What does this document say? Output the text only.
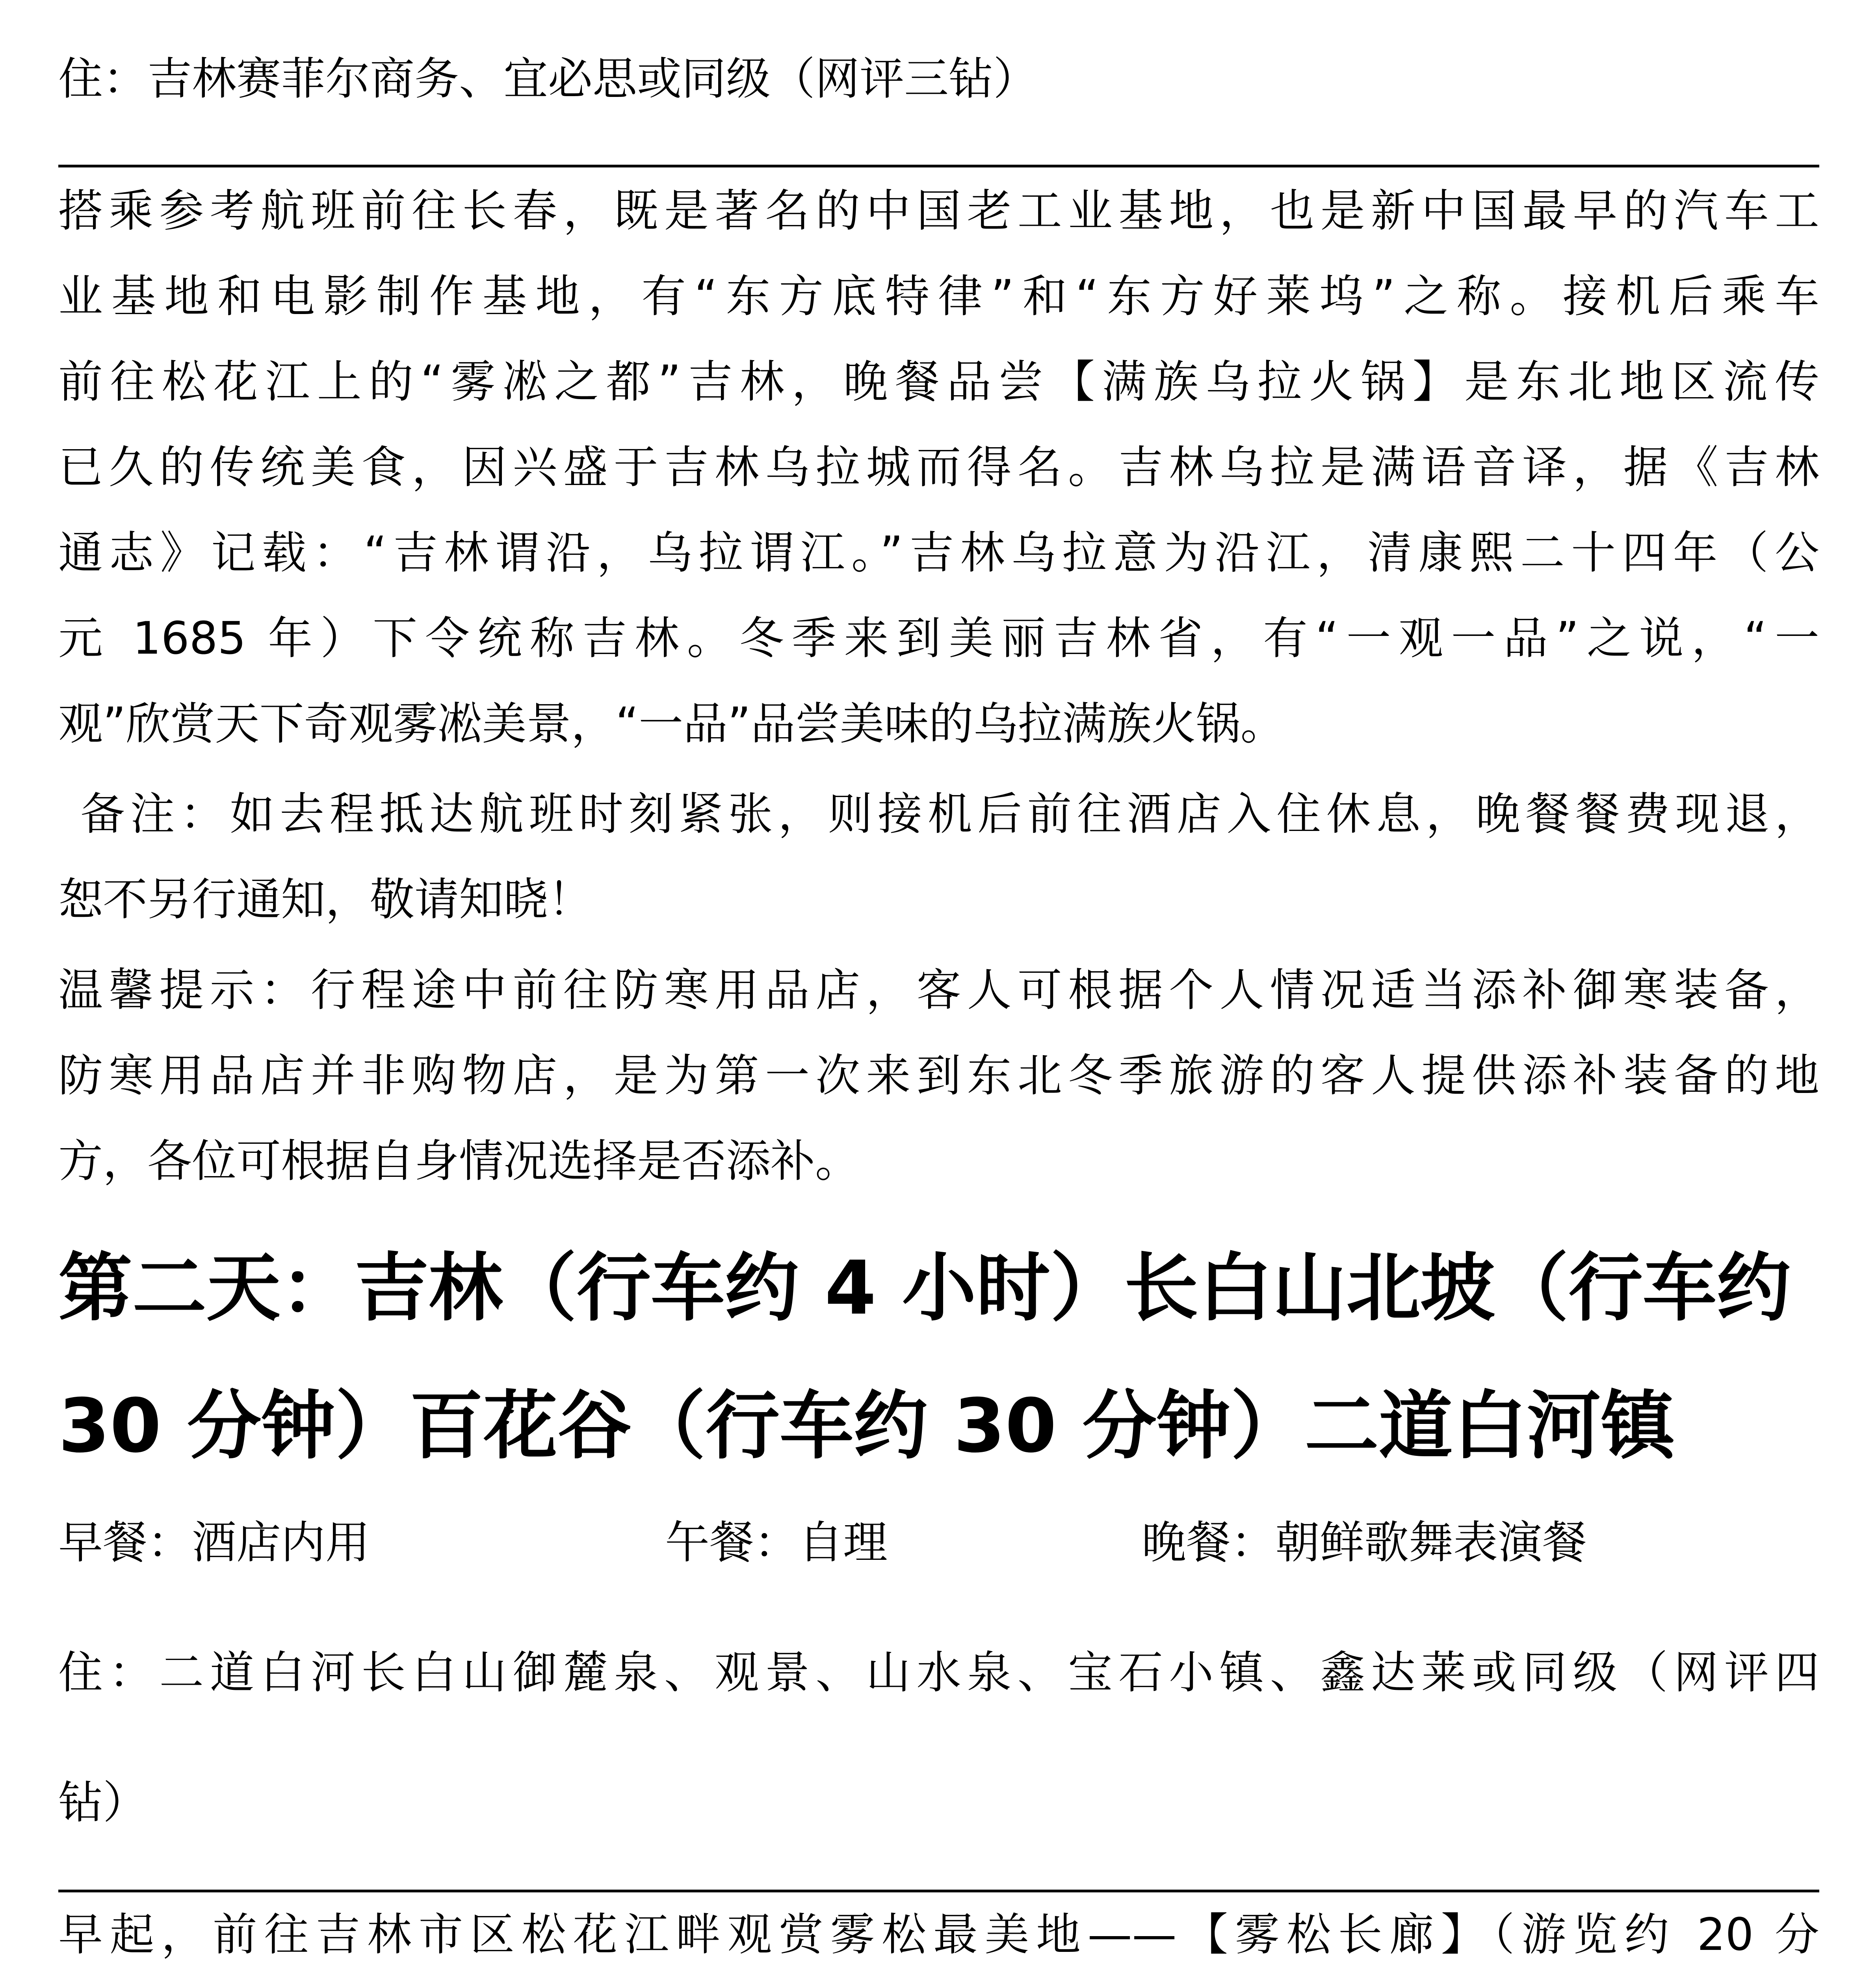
住：吉林赛菲尔商务、宜必思或同级（网评三钻）
搭乘参考航班前往长春，既是著名的中国老工业基地，也是新中国最早的汽车工
业基地和电影制作基地，有“东方底特律”和“东方好莱坞”之称。接机后乘车
前往松花江上的“雾凇之都”吉林，晚餐品尝【满族乌拉火锅】是东北地区流传
已久的传统美食，因兴盛于吉林乌拉城而得名。吉林乌拉是满语音译，据《吉林
通志》记载：“吉林谓沿，乌拉谓江。”吉林乌拉意为沿江，清康熙二十四年（公
元 1685 年）下令统称吉林。冬季来到美丽吉林省，有“一观一品”之说，“一
观”欣赏天下奇观雾凇美景，“一品”品尝美味的乌拉满族火锅。
备注：如去程抵达航班时刻紧张，则接机后前往酒店入住休息，晚餐餐费现退，
恕不另行通知，敬请知晓！
温馨提示：行程途中前往防寒用品店，客人可根据个人情况适当添补御寒装备，
防寒用品店并非购物店，是为第一次来到东北冬季旅游的客人提供添补装备的地
方，各位可根据自身情况选择是否添补。
第二天：吉林（行车约 4 小时）长白山北坡（行车约
30 分钟）百花谷（行车约 30 分钟）二道白河镇
早餐：酒店内用	午餐：自理	晚餐：朝鲜歌舞表演餐
住：二道白河长白山御麓泉、观景、山水泉、宝石小镇、鑫达莱或同级（网评四
钻）
早起，前往吉林市区松花江畔观赏雾松最美地——【雾松长廊】（游览约 20 分
